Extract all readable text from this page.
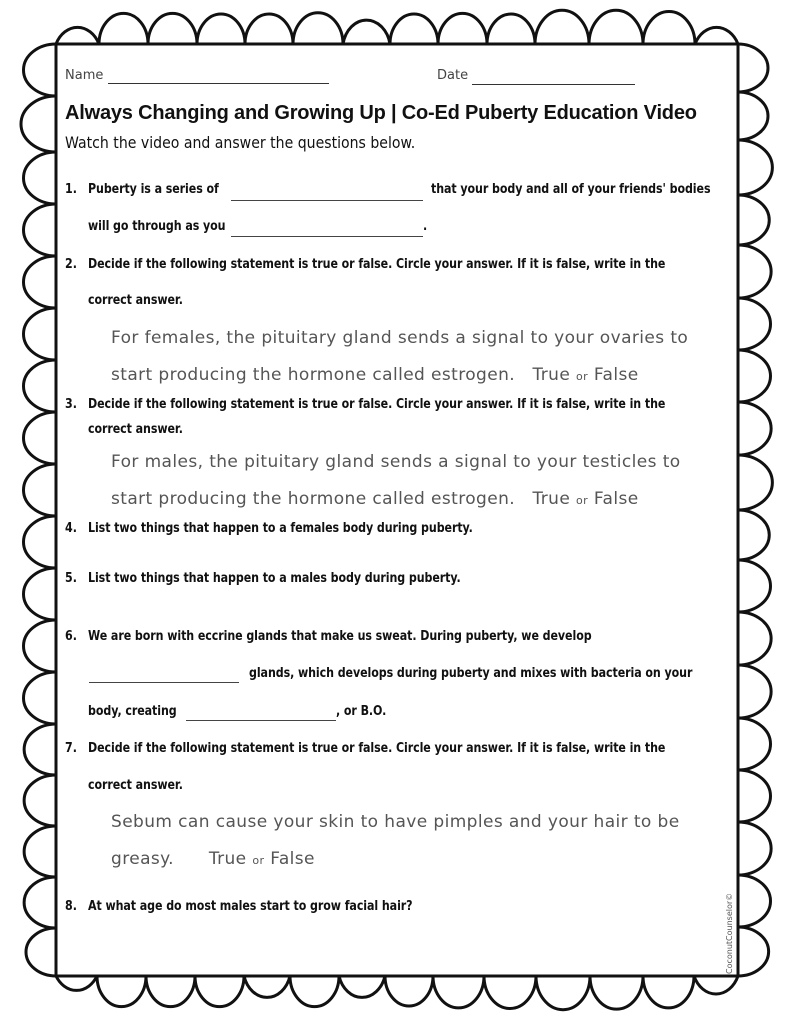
Name	Date
Always Changing and Growing Up | Co-Ed Puberty Education Video
Watch the video and answer the questions below.
1. Puberty is a series of	that your body and all of your friends' bodies
will go through as you	.
2. Decide if the following statement is true or false. Circle your answer. If it is false, write in the
correct answer.
For females, the pituitary gland sends a signal to your ovaries to
start producing the hormone called estrogen. True or False
3. Decide if the following statement is true or false. Circle your answer. If it is false, write in the
correct answer.
For males, the pituitary gland sends a signal to your testicles to
start producing the hormone called estrogen. True or False
4. List two things that happen to a females body during puberty.
5. List two things that happen to a males body during puberty.
6. We are born with eccrine glands that make us sweat. During puberty, we develop
glands, which develops during puberty and mixes with bacteria on your
body, creating	, or B.O.
7. Decide if the following statement is true or false. Circle your answer. If it is false, write in the
correct answer.
Sebum can cause your skin to have pimples and your hair to be
greasy. True or False
8. At what age do most males start to grow facial hair?	CoconutCounselor©
